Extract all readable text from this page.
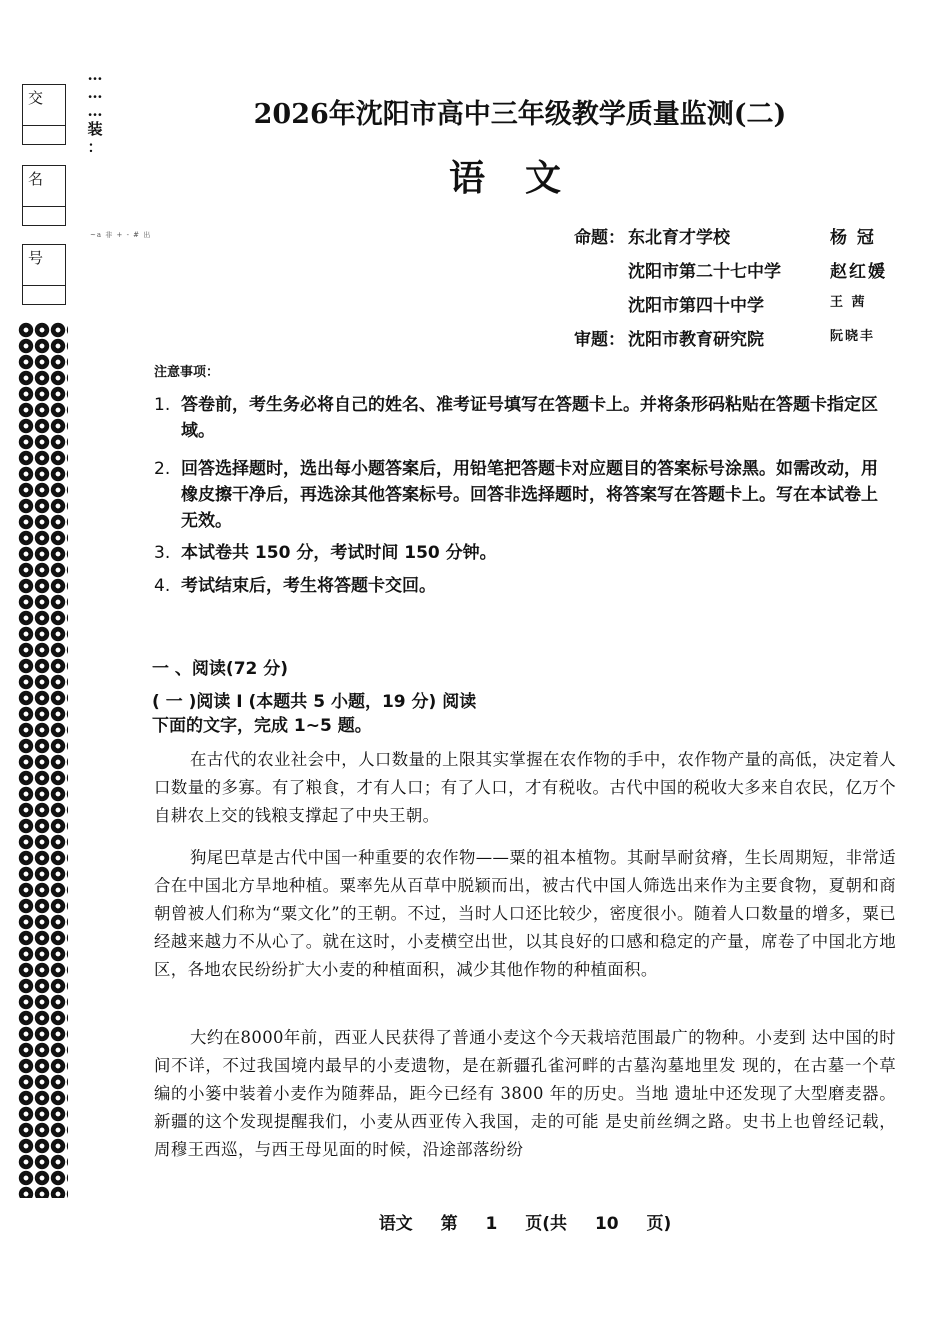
交
名
号
…
…
…
装
：
~a 非 + - # 出
2026年沈阳市高中三年级教学质量监测(二)
语文
命题： 东北育才学校	杨 冠
沈阳市第二十七中学	赵红媛
沈阳市第四十中学	王 茜
审题： 沈阳市教育研究院	阮晓丰
注意事项：
1. 答卷前，考生务必将自己的姓名、准考证号填写在答题卡上。并将条形码粘贴在答题卡指定区域。
2. 回答选择题时，选出每小题答案后，用铅笔把答题卡对应题目的答案标号涂黑。如需改动，用橡皮擦干净后，再选涂其他答案标号。回答非选择题时，将答案写在答题卡上。写在本试卷上无效。
3. 本试卷共 150 分，考试时间 150 分钟。
4. 考试结束后，考生将答题卡交回。
一 、阅读(72 分)
( 一 )阅读 Ⅰ (本题共 5 小题，19 分) 阅读下面的文字，完成 1~5 题。
在古代的农业社会中，人口数量的上限其实掌握在农作物的手中，农作物产量的高低，决定着人口数量的多寡。有了粮食，才有人口；有了人口，才有税收。古代中国的税收大多来自农民，亿万个自耕农上交的钱粮支撑起了中央王朝。
狗尾巴草是古代中国一种重要的农作物——粟的祖本植物。其耐旱耐贫瘠，生长周期短，非常适合在中国北方旱地种植。粟率先从百草中脱颖而出，被古代中国人筛选出来作为主要食物，夏朝和商朝曾被人们称为“粟文化”的王朝。不过，当时人口还比较少，密度很小。随着人口数量的增多，粟已经越来越力不从心了。就在这时，小麦横空出世，以其良好的口感和稳定的产量，席卷了中国北方地区，各地农民纷纷扩大小麦的种植面积，减少其他作物的种植面积。
大约在8000年前，西亚人民获得了普通小麦这个今天栽培范围最广的物种。小麦到 达中国的时间不详，不过我国境内最早的小麦遗物，是在新疆孔雀河畔的古墓沟墓地里发 现的，在古墓一个草编的小篓中装着小麦作为随葬品，距今已经有 3800 年的历史。当地 遗址中还发现了大型磨麦器。新疆的这个发现提醒我们，小麦从西亚传入我国，走的可能 是史前丝绸之路。史书上也曾经记载，周穆王西巡，与西王母见面的时候，沿途部落纷纷
语文 第 1 页(共 10 页)
